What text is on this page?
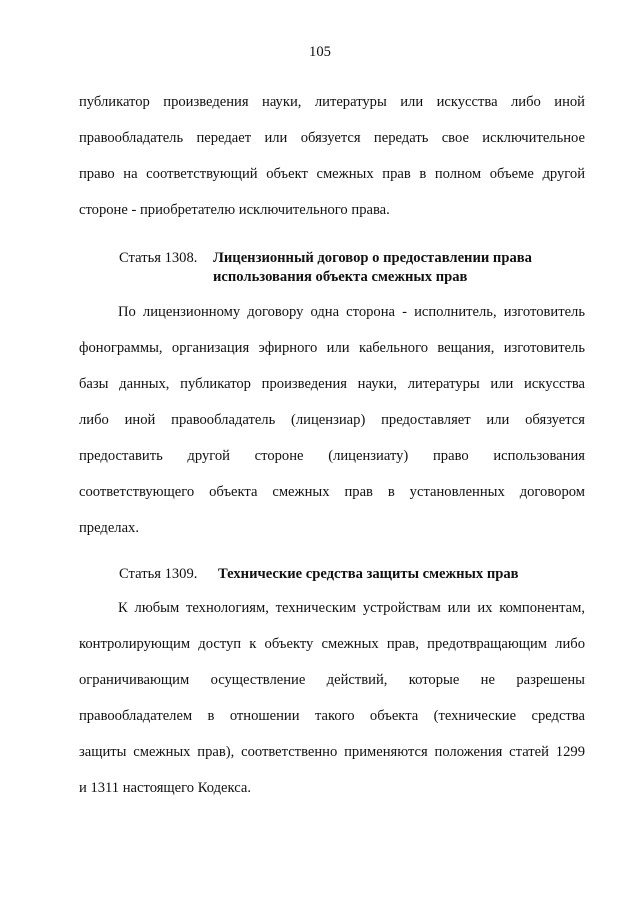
105
публикатор произведения науки, литературы или искусства либо иной
правообладатель передает или обязуется передать свое исключительное
право на соответствующий объект смежных прав в полном объеме другой
стороне - приобретателю исключительного права.
Статья 1308. Лицензионный договор о предоставлении права
использования объекта смежных прав
По лицензионному договору одна сторона - исполнитель, изготовитель
фонограммы, организация эфирного или кабельного вещания, изготовитель
базы данных, публикатор произведения науки, литературы или искусства
либо иной правообладатель (лицензиар) предоставляет или обязуется
предоставить другой стороне (лицензиату) право использования
соответствующего объекта смежных прав в установленных договором
пределах.
Статья 1309. Технические средства защиты смежных прав
К любым технологиям, техническим устройствам или их компонентам,
контролирующим доступ к объекту смежных прав, предотвращающим либо
ограничивающим осуществление действий, которые не разрешены
правообладателем в отношении такого объекта (технические средства
защиты смежных прав), соответственно применяются положения статей 1299
и 1311 настоящего Кодекса.
